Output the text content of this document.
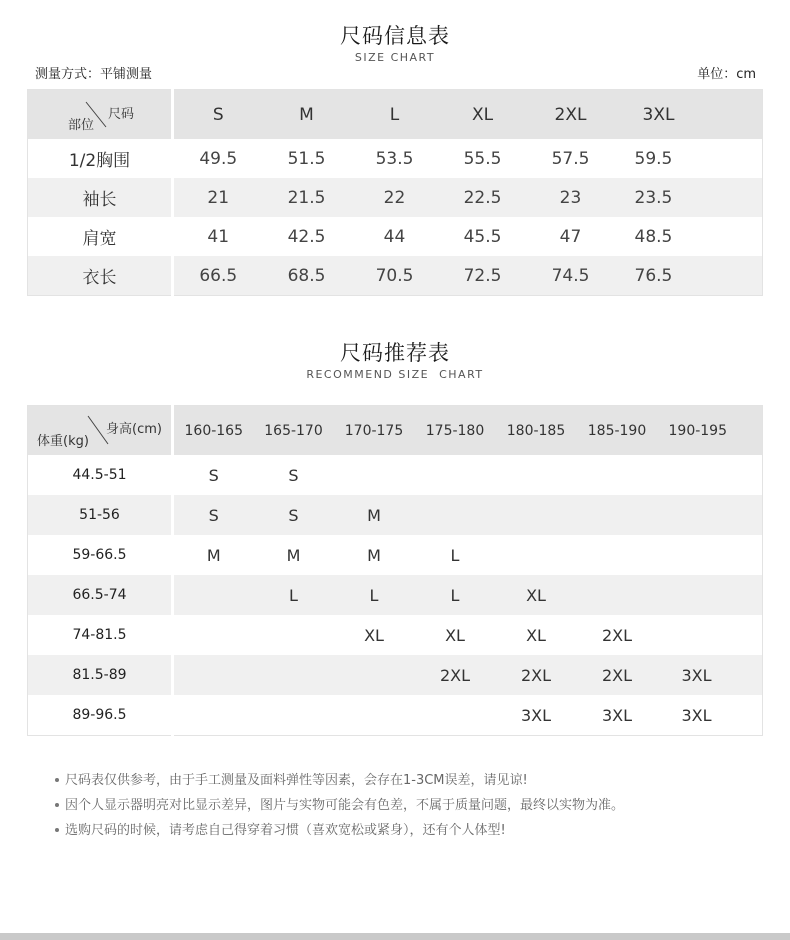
尺码信息表
SIZE CHART
测量方式：平铺测量	单位：cm
尺码
部位	S	M	L	XL	2XL	3XL
1/2胸围	49.5	51.5	53.5	55.5	57.5	59.5
袖长	21	21.5	22	22.5	23	23.5
肩宽	41	42.5	44	45.5	47	48.5
衣长	66.5	68.5	70.5	72.5	74.5	76.5
尺码推荐表
RECOMMEND SIZE  CHART
身高(cm)
体重(kg)	160-165	165-170	170-175	175-180	180-185	185-190	190-195
44.5-51	S	S					
51-56	S	S	M				
59-66.5	M	M	M	L			
66.5-74		L	L	L	XL		
74-81.5			XL	XL	XL	2XL	
81.5-89				2XL	2XL	2XL	3XL
89-96.5					3XL	3XL	3XL
尺码表仅供参考，由于手工测量及面料弹性等因素，会存在1-3CM误差，请见谅!
因个人显示器明亮对比显示差异，图片与实物可能会有色差，不属于质量问题，最终以实物为准。
选购尺码的时候，请考虑自己得穿着习惯（喜欢宽松或紧身），还有个人体型!
